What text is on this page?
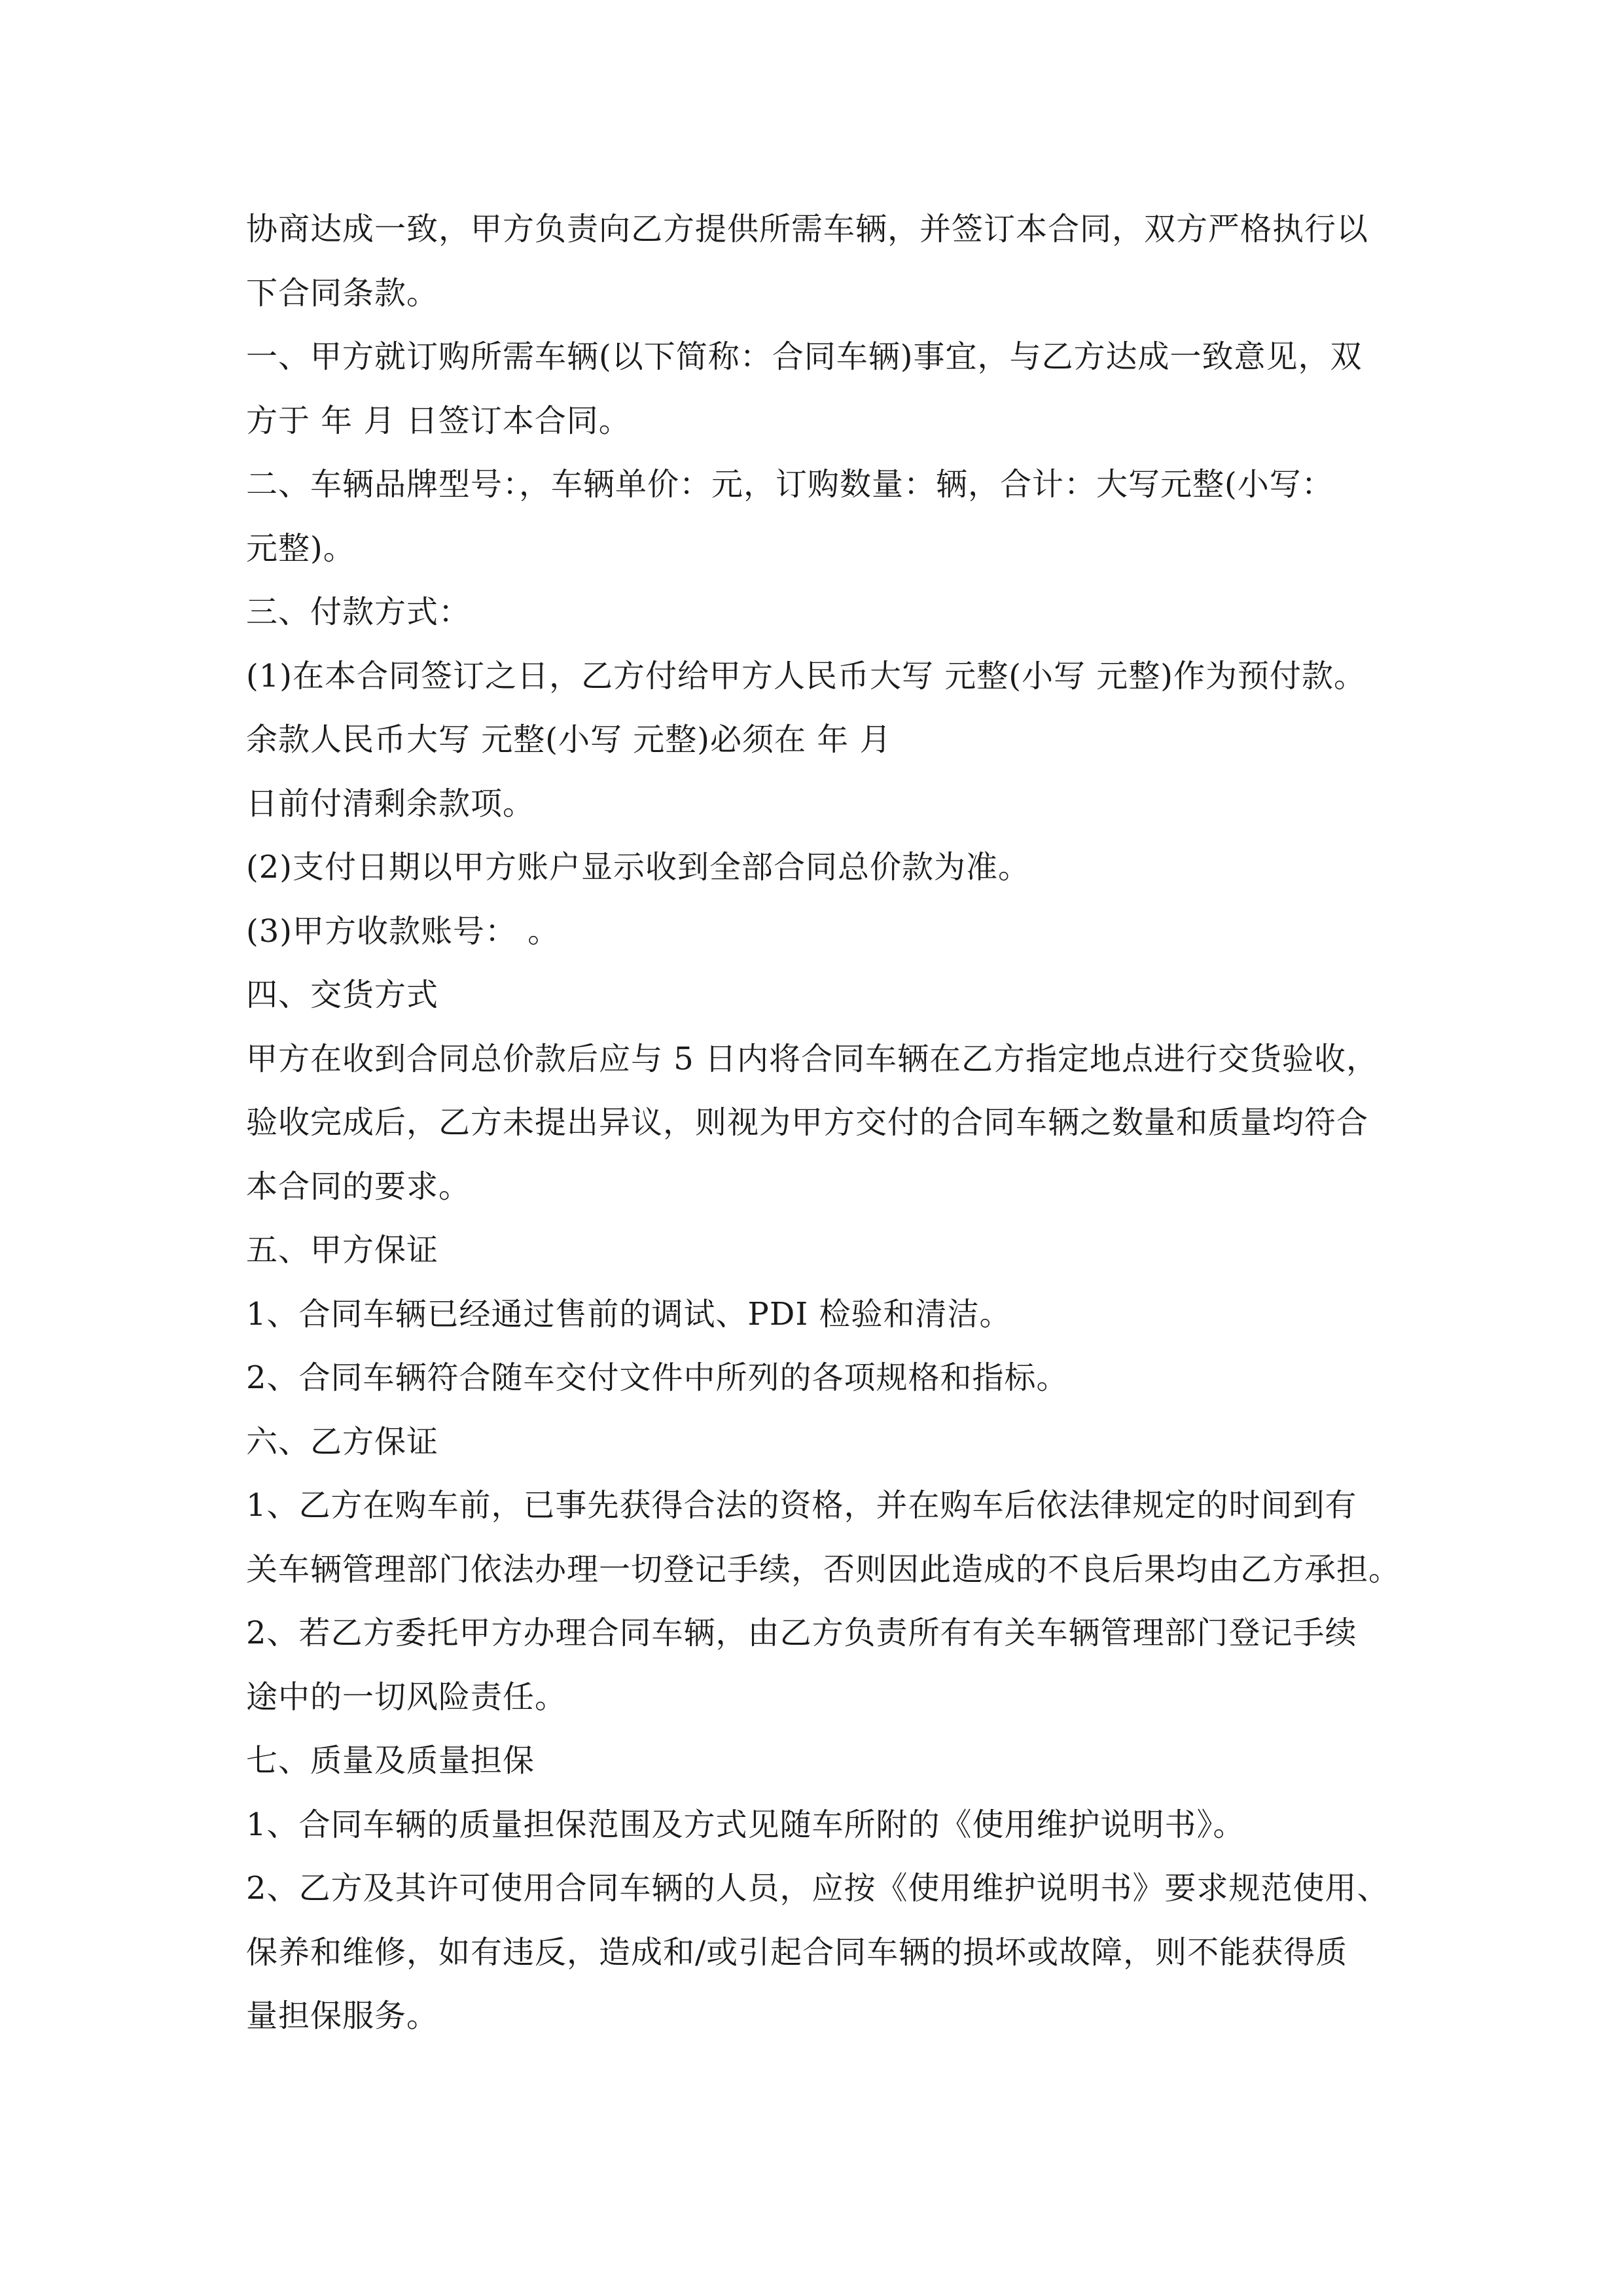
协商达成一致，甲方负责向乙方提供所需车辆，并签订本合同，双方严格执行以
下合同条款。
一、甲方就订购所需车辆(以下简称：合同车辆)事宜，与乙方达成一致意见，双
方于 年 月 日签订本合同。
二、车辆品牌型号：，车辆单价：元，订购数量：辆，合计：大写元整(小写：
元整)。
三、付款方式：
(1)在本合同签订之日，乙方付给甲方人民币大写 元整(小写 元整)作为预付款。
余款人民币大写 元整(小写 元整)必须在 年 月
日前付清剩余款项。
(2)支付日期以甲方账户显示收到全部合同总价款为准。
(3)甲方收款账号： 。
四、交货方式
甲方在收到合同总价款后应与 5 日内将合同车辆在乙方指定地点进行交货验收，
验收完成后，乙方未提出异议，则视为甲方交付的合同车辆之数量和质量均符合
本合同的要求。
五、甲方保证
1、合同车辆已经通过售前的调试、PDI 检验和清洁。
2、合同车辆符合随车交付文件中所列的各项规格和指标。
六、乙方保证
1、乙方在购车前，已事先获得合法的资格，并在购车后依法律规定的时间到有
关车辆管理部门依法办理一切登记手续，否则因此造成的不良后果均由乙方承担。
2、若乙方委托甲方办理合同车辆，由乙方负责所有有关车辆管理部门登记手续
途中的一切风险责任。
七、质量及质量担保
1、合同车辆的质量担保范围及方式见随车所附的《使用维护说明书》。
2、乙方及其许可使用合同车辆的人员，应按《使用维护说明书》要求规范使用、
保养和维修，如有违反，造成和/或引起合同车辆的损坏或故障，则不能获得质
量担保服务。
